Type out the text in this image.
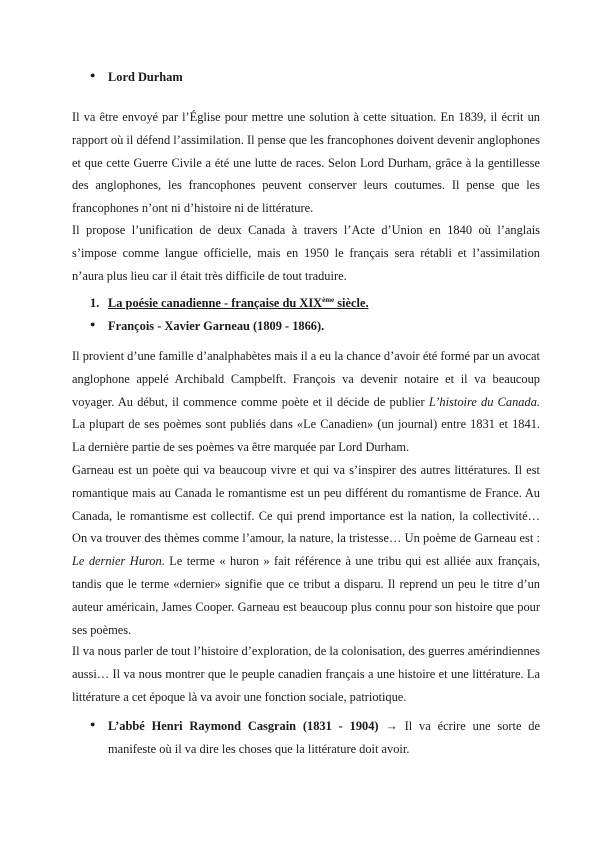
● Lord Durham

Il va être envoyé par l’Église pour mettre une solution à cette situation. En 1839, il écrit un rapport où il défend l’assimilation. Il pense que les francophones doivent devenir anglophones et que cette Guerre Civile a été une lutte de races. Selon Lord Durham, grâce à la gentillesse des anglophones, les francophones peuvent conserver leurs coutumes. Il pense que les francophones n’ont ni d’histoire ni de littérature.

Il propose l’unification de deux Canada à travers l’Acte d’Union en 1840 où l’anglais s’impose comme langue officielle, mais en 1950 le français sera rétabli et l’assimilation n’aura plus lieu car il était très difficile de tout traduire.

1. La poésie canadienne - française du XIXème siècle.
● François - Xavier Garneau (1809 - 1866).

Il provient d’une famille d’analphabètes mais il a eu la chance d’avoir été formé par un avocat anglophone appelé Archibald Campbelft. François va devenir notaire et il va beaucoup voyager. Au début, il commence comme poète et il décide de publier L’histoire du Canada. La plupart de ses poèmes sont publiés dans «Le Canadien» (un journal) entre 1831 et 1841. La dernière partie de ses poèmes va être marquée par Lord Durham.

Garneau est un poète qui va beaucoup vivre et qui va s’inspirer des autres littératures. Il est romantique mais au Canada le romantisme est un peu différent du romantisme de France. Au Canada, le romantisme est collectif. Ce qui prend importance est la nation, la collectivité… On va trouver des thèmes comme l’amour, la nature, la tristesse… Un poème de Garneau est : Le dernier Huron. Le terme « huron » fait référence à une tribu qui est alliée aux français, tandis que le terme «dernier» signifie que ce tribut a disparu. Il reprend un peu le titre d’un auteur américain, James Cooper. Garneau est beaucoup plus connu pour son histoire que pour ses poèmes.

Il va nous parler de tout l’histoire d’exploration, de la colonisation, des guerres amérindiennes aussi… Il va nous montrer que le peuple canadien français a une histoire et une littérature. La littérature a cet époque là va avoir une fonction sociale, patriotique.

● L’abbé Henri Raymond Casgrain (1831 - 1904) → Il va écrire une sorte de manifeste où il va dire les choses que la littérature doit avoir.
